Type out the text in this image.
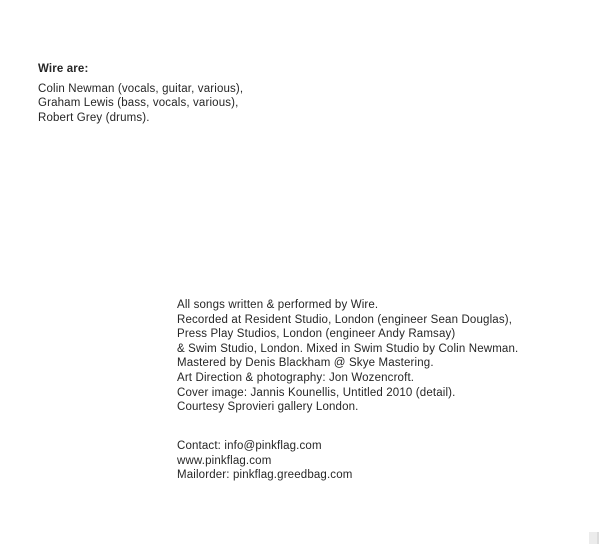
Wire are:

Colin Newman (vocals, guitar, various),

Graham Lewis (bass, vocals, various),

Robert Grey (drums).

All songs written & performed by Wire.

Recorded at Resident Studio, London (engineer Sean Douglas),

Press Play Studios, London (engineer Andy Ramsay)

& Swim Studio, London. Mixed in Swim Studio by Colin Newman.

Mastered by Denis Blackham @ Skye Mastering.

Art Direction & photography: Jon Wozencroft.

Cover image: Jannis Kounellis, Untitled 2010 (detail).

Courtesy Sprovieri gallery London.

Contact: info@pinkflag.com

www.pinkflag.com

Mailorder: pinkflag.greedbag.com
